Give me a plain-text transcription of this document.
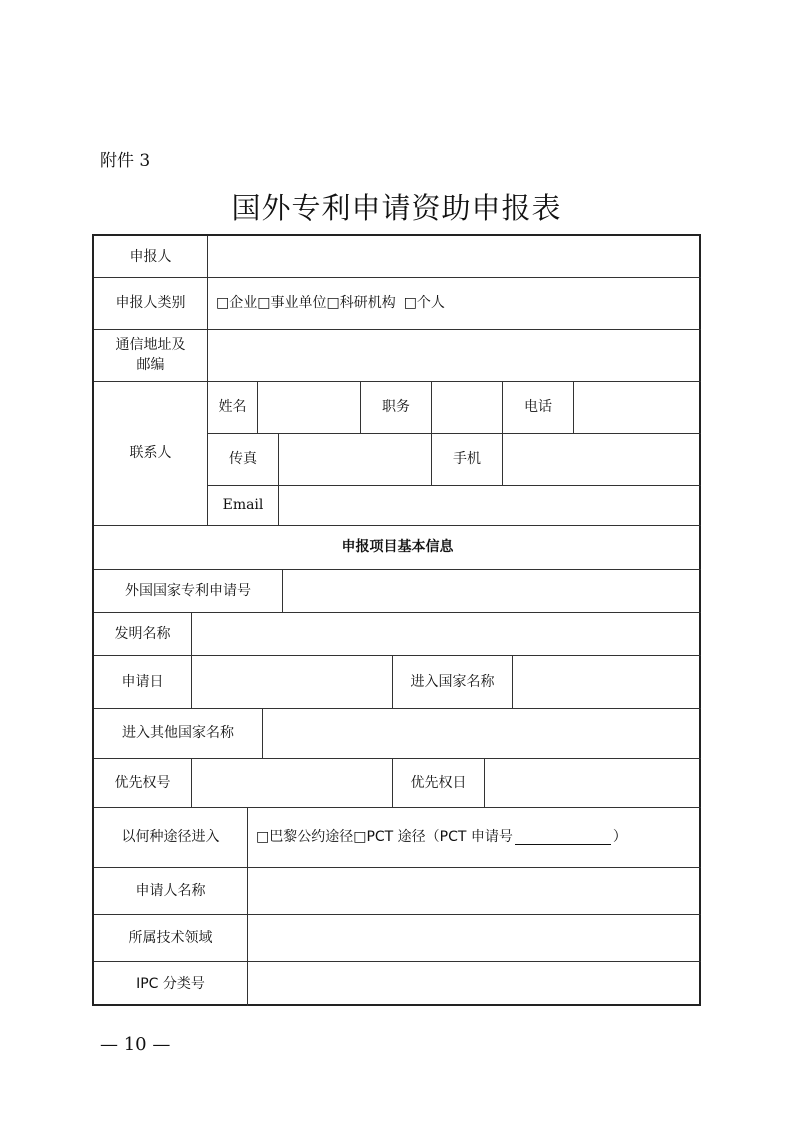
附件 3
国外专利申请资助申报表
申报人
申报人类别	□企业 □事业单位 □科研机构 □个人
通信地址及
邮编
联系人
姓名	职务	电话
传真	手机
Email
申报项目基本信息
外国国家专利申请号
发明名称
申请日	进入国家名称
进入其他国家名称
优先权号	优先权日
以何种途径进入	□巴黎公约途径 □PCT 途径（PCT 申请号	）
申请人名称
所属技术领域
IPC 分类号
— 10 —
